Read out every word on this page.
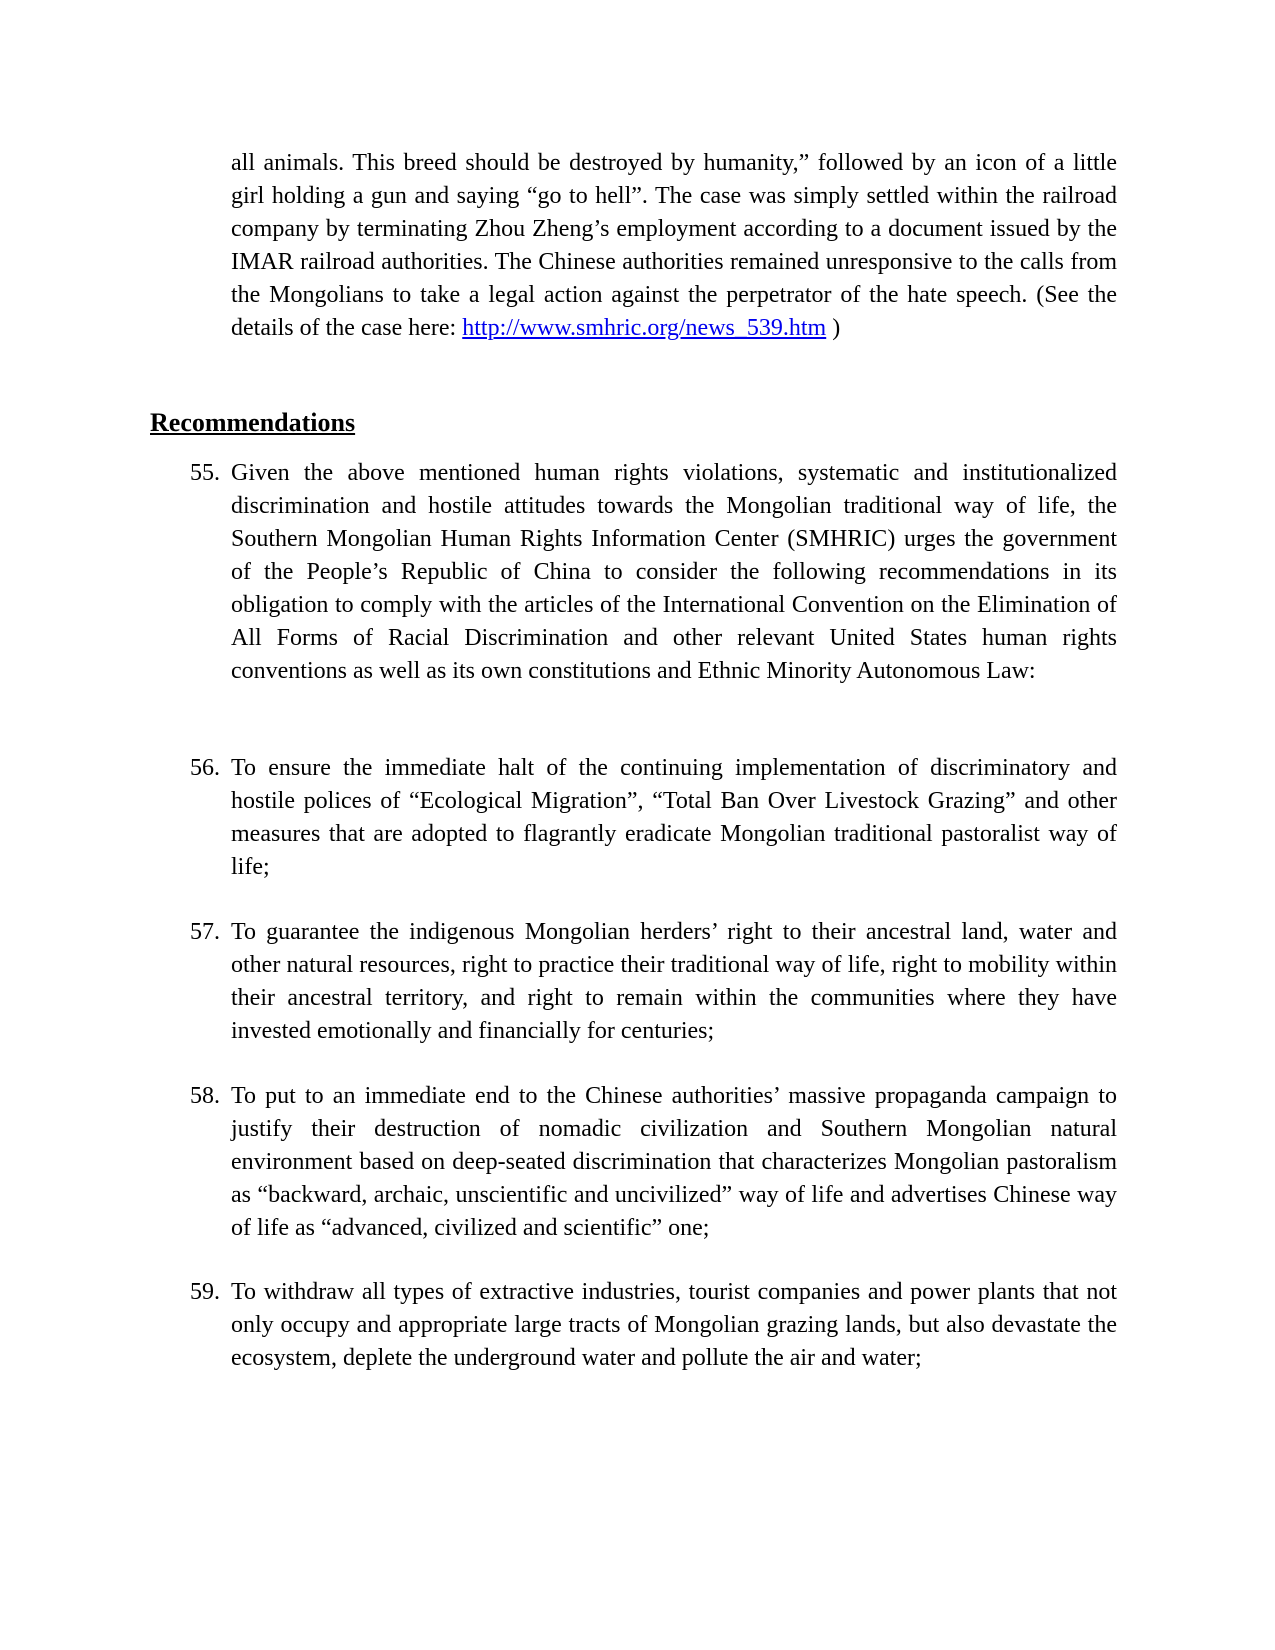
all animals. This breed should be destroyed by humanity,” followed by an icon of a little girl holding a gun and saying “go to hell”. The case was simply settled within the railroad company by terminating Zhou Zheng’s employment according to a document issued by the IMAR railroad authorities. The Chinese authorities remained unresponsive to the calls from the Mongolians to take a legal action against the perpetrator of the hate speech. (See the details of the case here: http://www.smhric.org/news_539.htm )

Recommendations
55. Given the above mentioned human rights violations, systematic and institutionalized discrimination and hostile attitudes towards the Mongolian traditional way of life, the Southern Mongolian Human Rights Information Center (SMHRIC) urges the government of the People’s Republic of China to consider the following recommendations in its obligation to comply with the articles of the International Convention on the Elimination of All Forms of Racial Discrimination and other relevant United States human rights conventions as well as its own constitutions and Ethnic Minority Autonomous Law:
56. To ensure the immediate halt of the continuing implementation of discriminatory and hostile polices of “Ecological Migration”, “Total Ban Over Livestock Grazing” and other measures that are adopted to flagrantly eradicate Mongolian traditional pastoralist way of life;
57. To guarantee the indigenous Mongolian herders’ right to their ancestral land, water and other natural resources, right to practice their traditional way of life, right to mobility within their ancestral territory, and right to remain within the communities where they have invested emotionally and financially for centuries;
58. To put to an immediate end to the Chinese authorities’ massive propaganda campaign to justify their destruction of nomadic civilization and Southern Mongolian natural environment based on deep-seated discrimination that characterizes Mongolian pastoralism as “backward, archaic, unscientific and uncivilized” way of life and advertises Chinese way of life as “advanced, civilized and scientific” one;
59. To withdraw all types of extractive industries, tourist companies and power plants that not only occupy and appropriate large tracts of Mongolian grazing lands, but also devastate the ecosystem, deplete the underground water and pollute the air and water;
